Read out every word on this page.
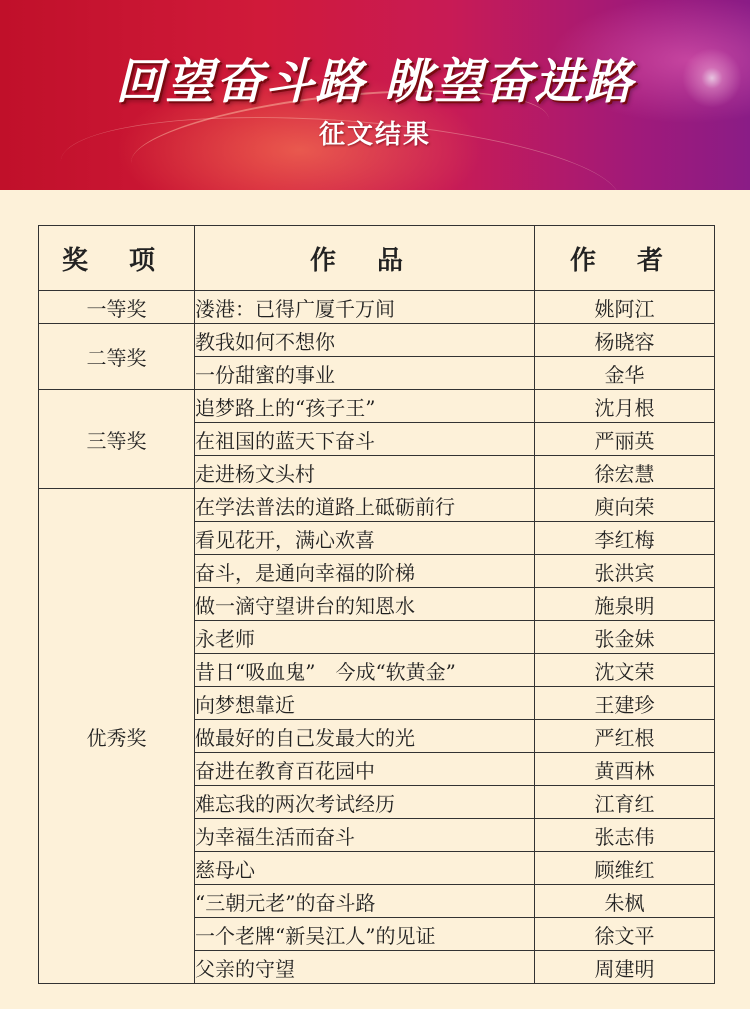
回望奋斗路 眺望奋进路
征文结果
奖 项	作 品	作 者
一等奖	溇港：已得广厦千万间	姚阿江
二等奖	教我如何不想你	杨晓容
	一份甜蜜的事业	金华
三等奖	追梦路上的“孩子王”	沈月根
	在祖国的蓝天下奋斗	严丽英
	走进杨文头村	徐宏慧
优秀奖	在学法普法的道路上砥砺前行	庾向荣
	看见花开，满心欢喜	李红梅
	奋斗，是通向幸福的阶梯	张洪宾
	做一滴守望讲台的知恩水	施泉明
	永老师	张金妹
	昔日“吸血鬼”　今成“软黄金”	沈文荣
	向梦想靠近	王建珍
	做最好的自己发最大的光	严红根
	奋进在教育百花园中	黄酉林
	难忘我的两次考试经历	江育红
	为幸福生活而奋斗	张志伟
	慈母心	顾维红
	“三朝元老”的奋斗路	朱枫
	一个老牌“新吴江人”的见证	徐文平
	父亲的守望	周建明
